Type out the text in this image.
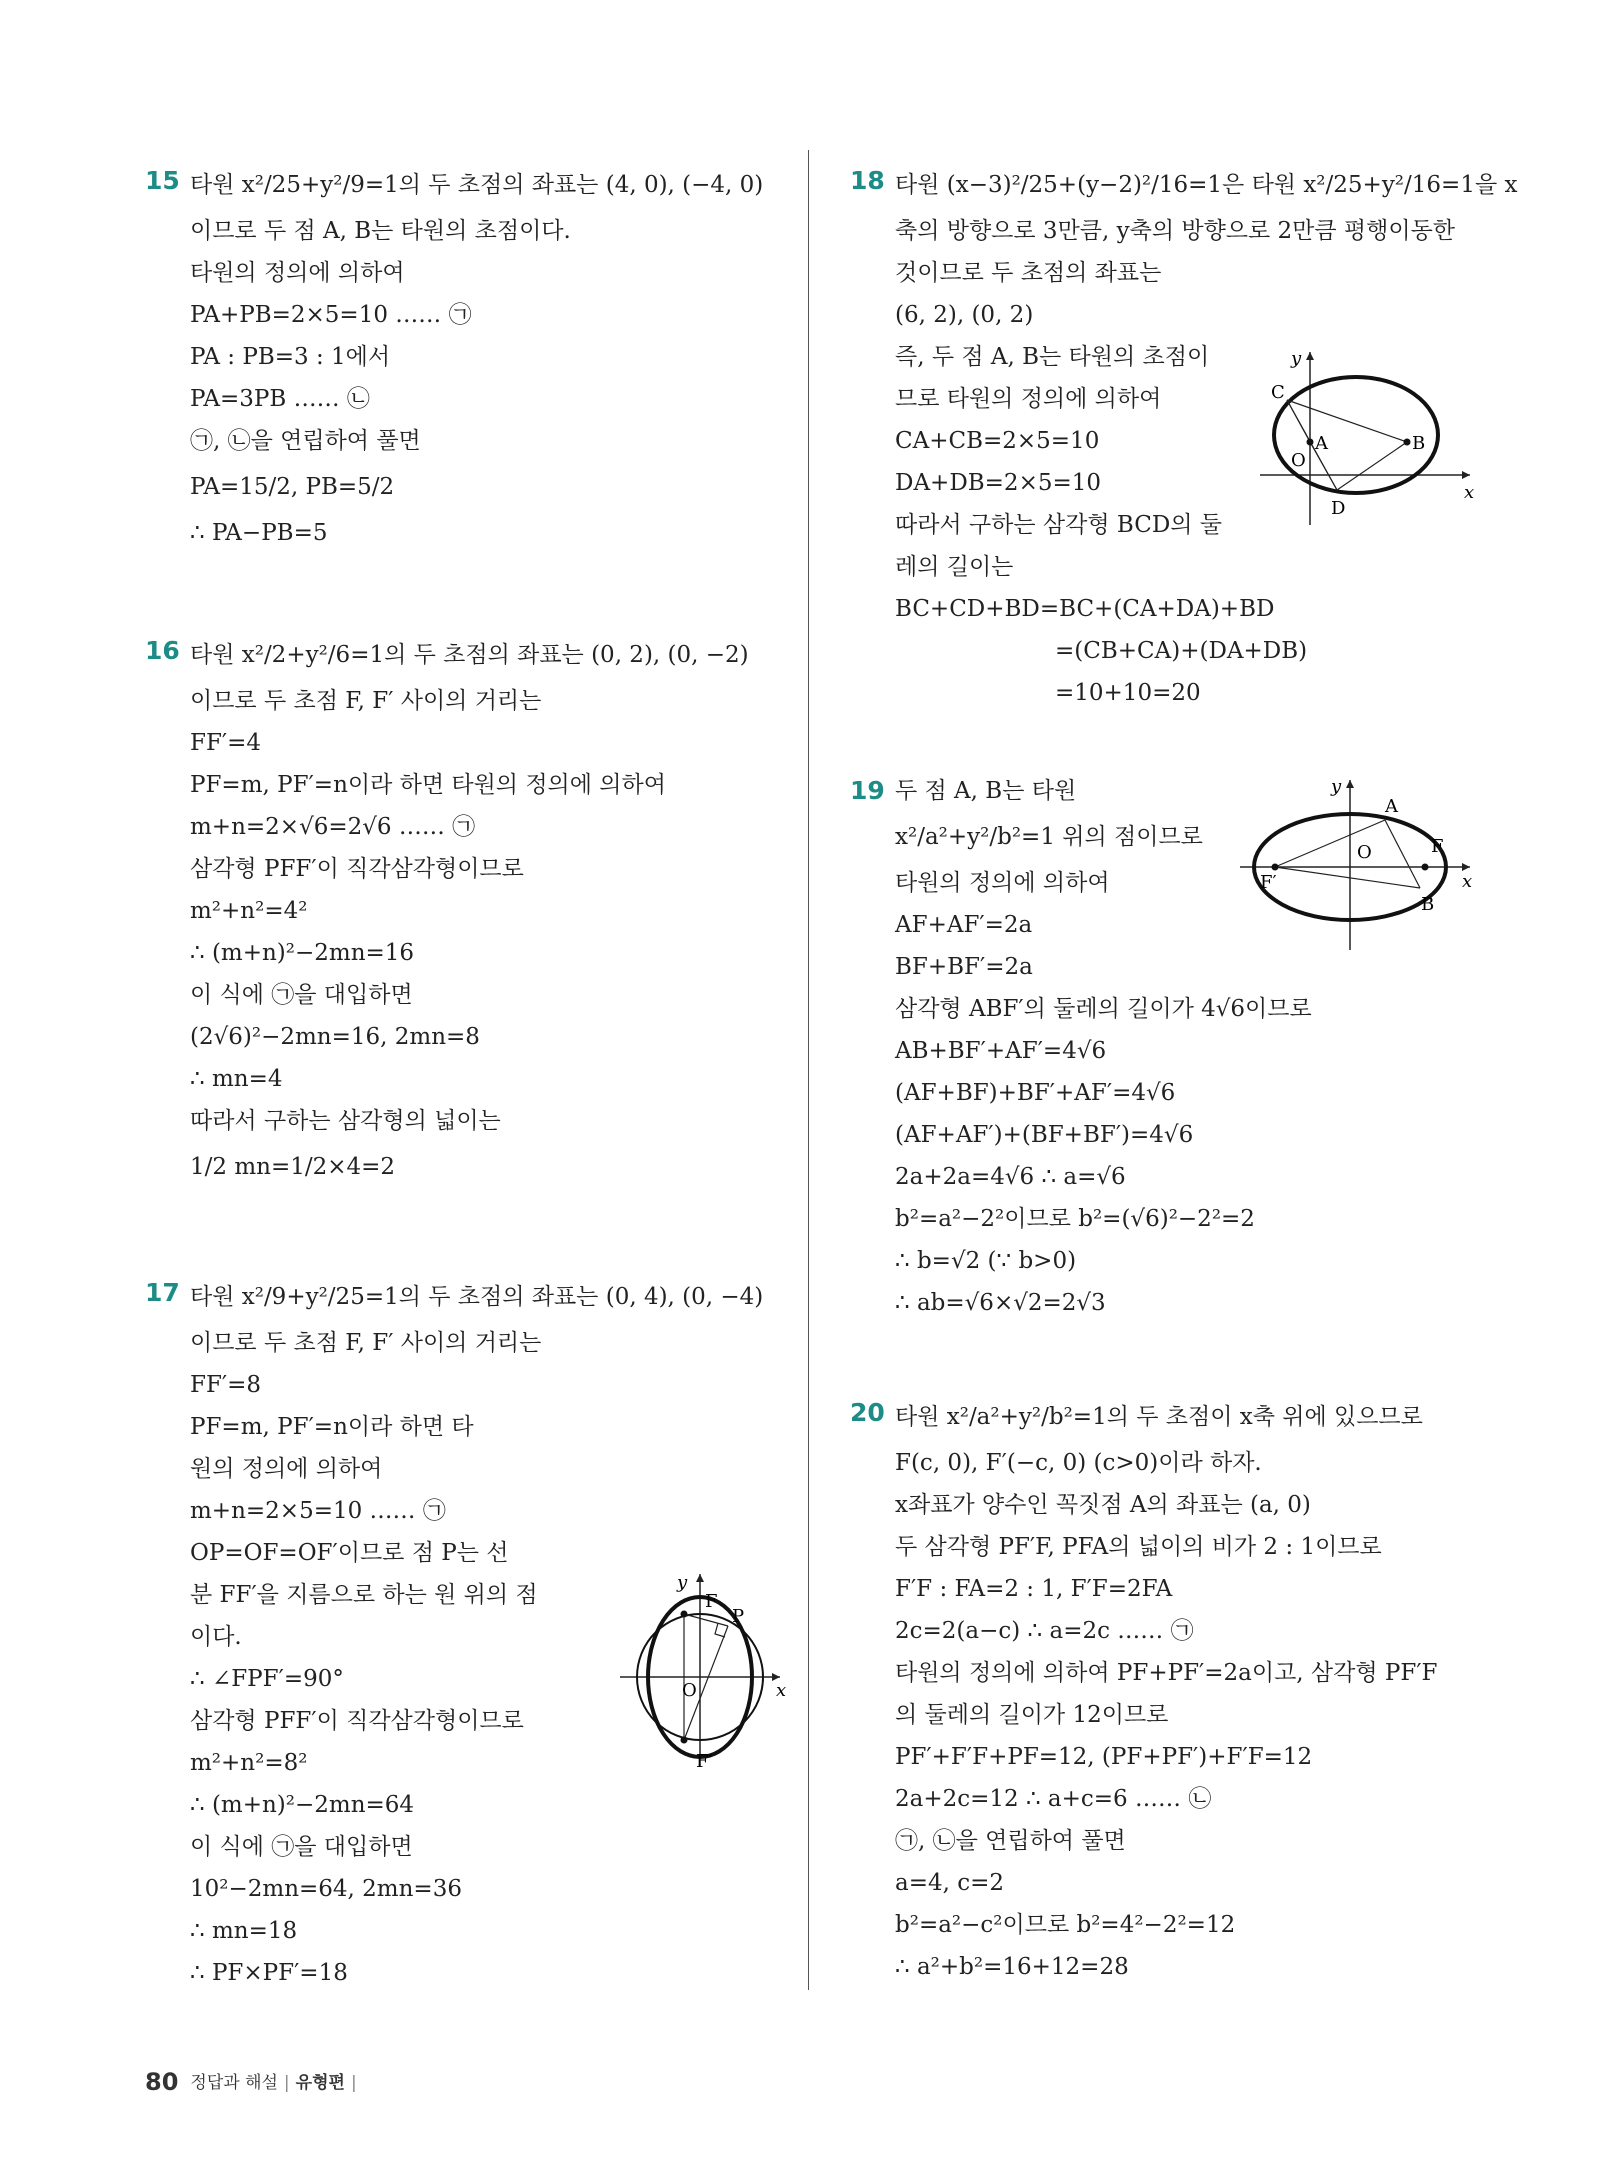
15 타원 x²/25+y²/9=1의 두 초점의 좌표는 (4, 0), (−4, 0)
이므로 두 점 A, B는 타원의 초점이다.
타원의 정의에 의하여
PA+PB=2×5=10 …… ㉠
PA : PB=3 : 1에서
PA=3PB …… ㉡
㉠, ㉡을 연립하여 풀면
PA=15/2, PB=5/2
∴ PA−PB=5
16 타원 x²/2+y²/6=1의 두 초점의 좌표는 (0, 2), (0, −2)
이므로 두 초점 F, F′ 사이의 거리는
FF′=4
PF=m, PF′=n이라 하면 타원의 정의에 의하여
m+n=2×√6=2√6 …… ㉠
삼각형 PFF′이 직각삼각형이므로
m²+n²=4²
∴ (m+n)²−2mn=16
이 식에 ㉠을 대입하면
(2√6)²−2mn=16, 2mn=8
∴ mn=4
따라서 구하는 삼각형의 넓이는
1/2 mn=1/2×4=2
17 타원 x²/9+y²/25=1의 두 초점의 좌표는 (0, 4), (0, −4)
이므로 두 초점 F, F′ 사이의 거리는
FF′=8
PF=m, PF′=n이라 하면 타
원의 정의에 의하여
m+n=2×5=10 …… ㉠
OP=OF=OF′이므로 점 P는 선
분 FF′을 지름으로 하는 원 위의 점
이다.
∴ ∠FPF′=90°
삼각형 PFF′이 직각삼각형이므로
m²+n²=8²
∴ (m+n)²−2mn=64
이 식에 ㉠을 대입하면
10²−2mn=64, 2mn=36
∴ mn=18
∴ PF×PF′=18
y
x
O
F
P
F′
18 타원 (x−3)²/25+(y−2)²/16=1은 타원 x²/25+y²/16=1을 x
축의 방향으로 3만큼, y축의 방향으로 2만큼 평행이동한
것이므로 두 초점의 좌표는
(6, 2), (0, 2)
즉, 두 점 A, B는 타원의 초점이
므로 타원의 정의에 의하여
CA+CB=2×5=10
DA+DB=2×5=10
따라서 구하는 삼각형 BCD의 둘
레의 길이는
BC+CD+BD=BC+(CA+DA)+BD
=(CB+CA)+(DA+DB)
=10+10=20
y
x
O
A	B
C
D
19 두 점 A, B는 타원
x²/a²+y²/b²=1 위의 점이므로
타원의 정의에 의하여
AF+AF′=2a
BF+BF′=2a
삼각형 ABF′의 둘레의 길이가 4√6이므로
AB+BF′+AF′=4√6
(AF+BF)+BF′+AF′=4√6
(AF+AF′)+(BF+BF′)=4√6
2a+2a=4√6 ∴ a=√6
b²=a²−2²이므로 b²=(√6)²−2²=2
∴ b=√2 (∵ b>0)
∴ ab=√6×√2=2√3
y
x
O
A
B
F
F′
20 타원 x²/a²+y²/b²=1의 두 초점이 x축 위에 있으므로
F(c, 0), F′(−c, 0) (c>0)이라 하자.
x좌표가 양수인 꼭짓점 A의 좌표는 (a, 0)
두 삼각형 PF′F, PFA의 넓이의 비가 2 : 1이므로
F′F : FA=2 : 1, F′F=2FA
2c=2(a−c) ∴ a=2c …… ㉠
타원의 정의에 의하여 PF+PF′=2a이고, 삼각형 PF′F
의 둘레의 길이가 12이므로
PF′+F′F+PF=12, (PF+PF′)+F′F=12
2a+2c=12 ∴ a+c=6 …… ㉡
㉠, ㉡을 연립하여 풀면
a=4, c=2
b²=a²−c²이므로 b²=4²−2²=12
∴ a²+b²=16+12=28
80 정답과 해설 | 유형편 |
